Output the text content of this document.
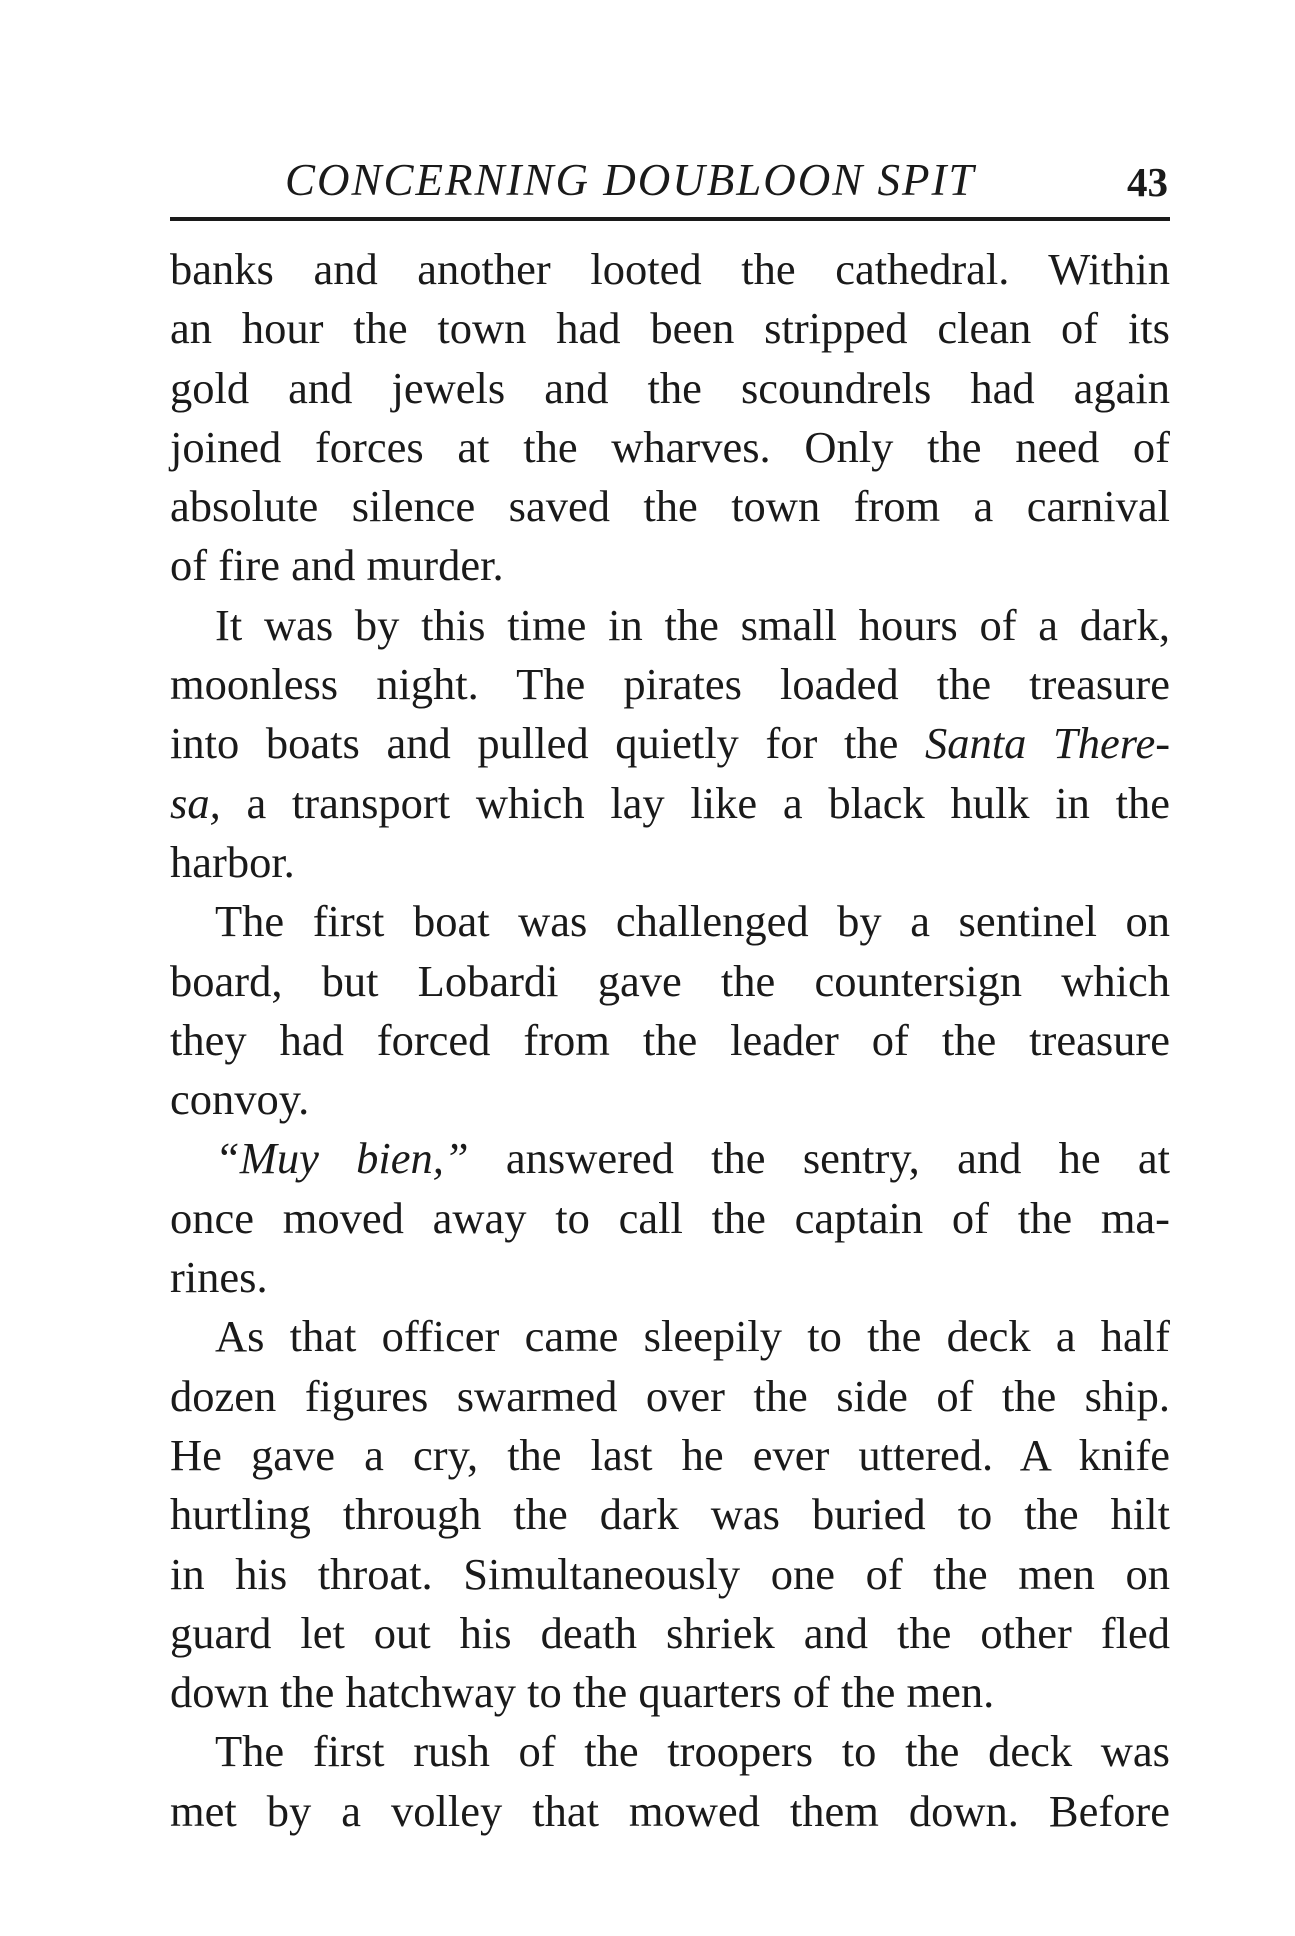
CONCERNING DOUBLOON SPIT	43
banks and another looted the cathedral. Within
an hour the town had been stripped clean of its
gold and jewels and the scoundrels had again
joined forces at the wharves. Only the need of
absolute silence saved the town from a carnival
of fire and murder.
It was by this time in the small hours of a dark,
moonless night. The pirates loaded the treasure
into boats and pulled quietly for the Santa There-
sa, a transport which lay like a black hulk in the
harbor.
The first boat was challenged by a sentinel on
board, but Lobardi gave the countersign which
they had forced from the leader of the treasure
convoy.
“Muy bien,” answered the sentry, and he at
once moved away to call the captain of the ma-
rines.
As that officer came sleepily to the deck a half
dozen figures swarmed over the side of the ship.
He gave a cry, the last he ever uttered. A knife
hurtling through the dark was buried to the hilt
in his throat. Simultaneously one of the men on
guard let out his death shriek and the other fled
down the hatchway to the quarters of the men.
The first rush of the troopers to the deck was
met by a volley that mowed them down. Before
